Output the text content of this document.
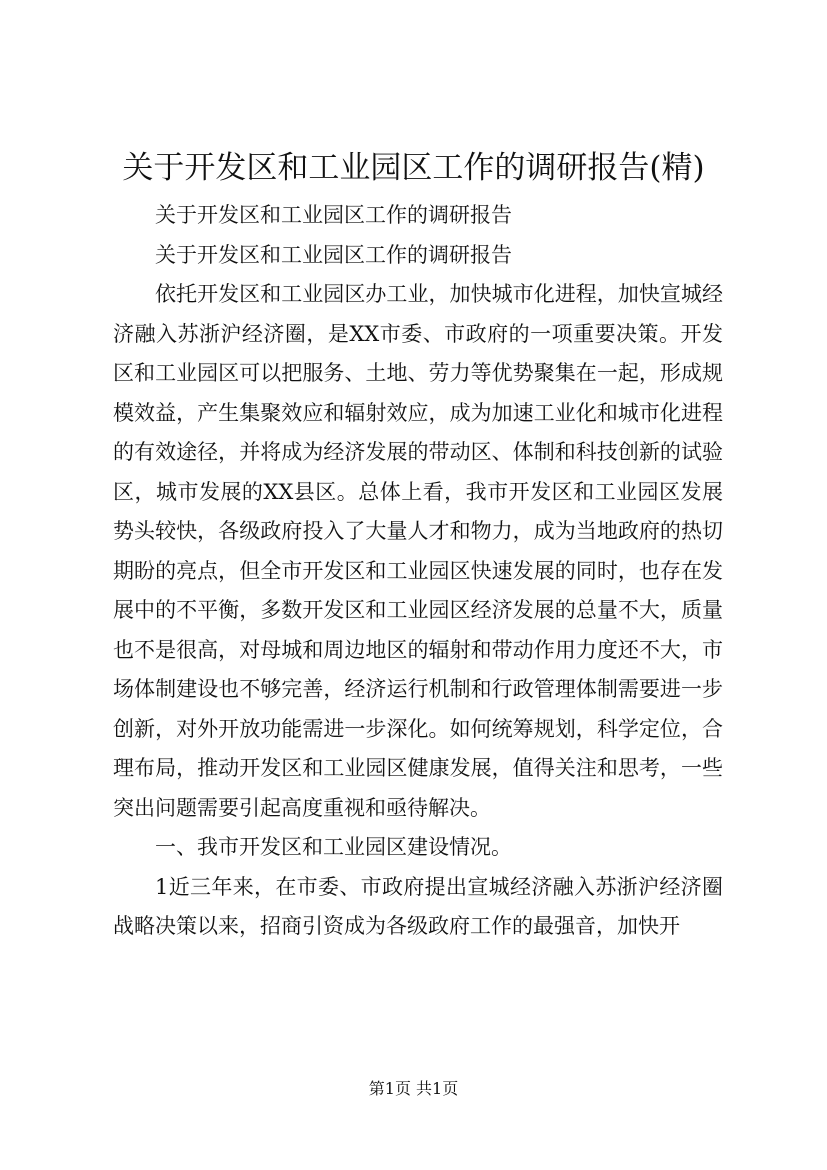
关于开发区和工业园区工作的调研报告(精)

关于开发区和工业园区工作的调研报告

关于开发区和工业园区工作的调研报告

依托开发区和工业园区办工业，加快城市化进程，加快宣城经济融入苏浙沪经济圈，是XX市委、市政府的一项重要决策。开发区和工业园区可以把服务、土地、劳力等优势聚集在一起，形成规模效益，产生集聚效应和辐射效应，成为加速工业化和城市化进程的有效途径，并将成为经济发展的带动区、体制和科技创新的试验区，城市发展的XX县区。总体上看，我市开发区和工业园区发展势头较快，各级政府投入了大量人才和物力，成为当地政府的热切期盼的亮点，但全市开发区和工业园区快速发展的同时，也存在发展中的不平衡，多数开发区和工业园区经济发展的总量不大，质量也不是很高，对母城和周边地区的辐射和带动作用力度还不大，市场体制建设也不够完善，经济运行机制和行政管理体制需要进一步创新，对外开放功能需进一步深化。如何统筹规划，科学定位，合理布局，推动开发区和工业园区健康发展，值得关注和思考，一些突出问题需要引起高度重视和亟待解决。

一、我市开发区和工业园区建设情况。

1近三年来，在市委、市政府提出宣城经济融入苏浙沪经济圈战略决策以来，招商引资成为各级政府工作的最强音，加快开

第1页 共1页
